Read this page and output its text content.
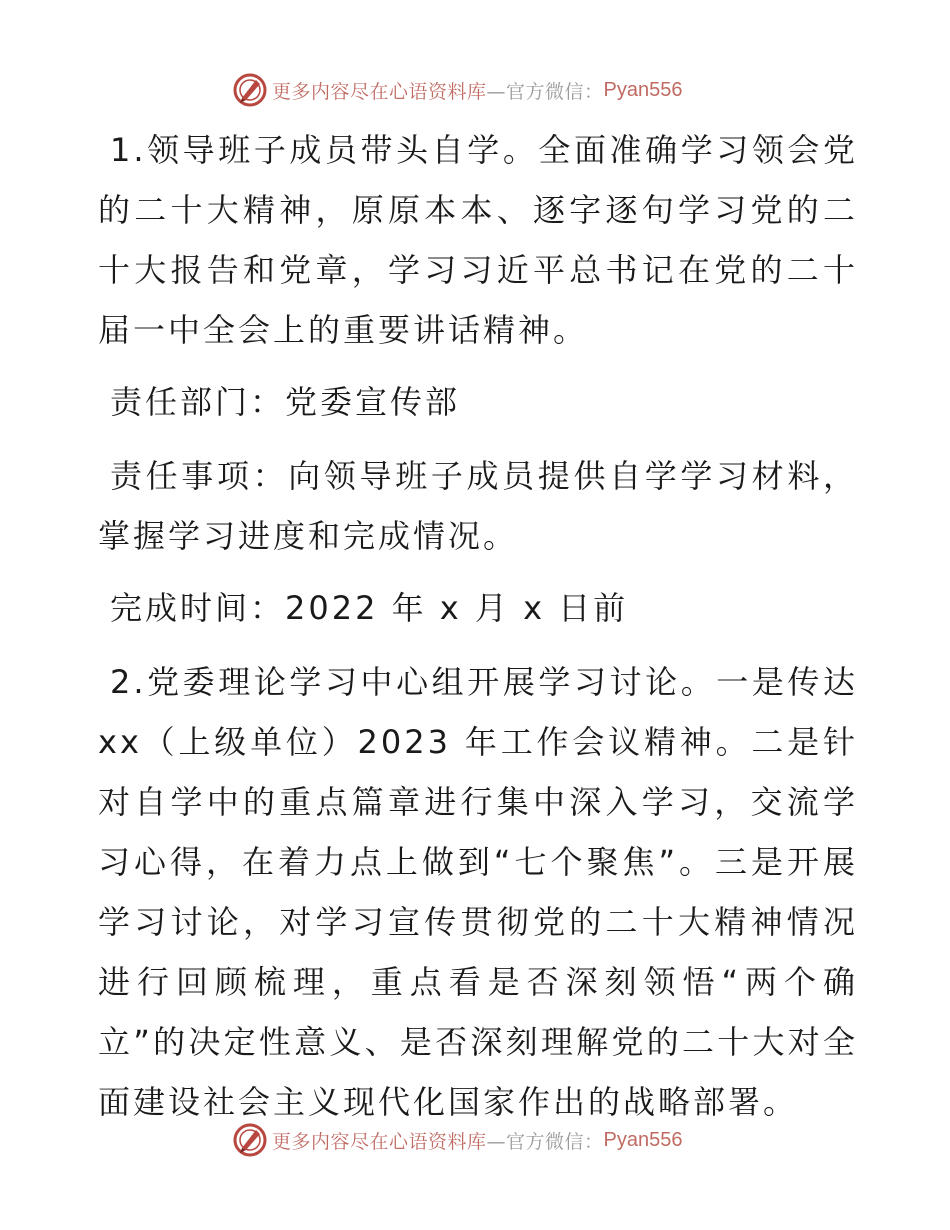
更多内容尽在心语资料库 —官方微信： Pyan556

1.领导班子成员带头自学。全面准确学习领会党的二十大精神，原原本本、逐字逐句学习党的二十大报告和党章，学习习近平总书记在党的二十届一中全会上的重要讲话精神。

责任部门：党委宣传部

责任事项：向领导班子成员提供自学学习材料，掌握学习进度和完成情况。

完成时间：2022 年 x 月 x 日前

2.党委理论学习中心组开展学习讨论。一是传达 xx（上级单位）2023 年工作会议精神。二是针对自学中的重点篇章进行集中深入学习，交流学习心得，在着力点上做到“七个聚焦”。三是开展学习讨论，对学习宣传贯彻党的二十大精神情况进行回顾梳理，重点看是否深刻领悟“两个确立”的决定性意义、是否深刻理解党的二十大对全面建设社会主义现代化国家作出的战略部署。

更多内容尽在心语资料库 —官方微信： Pyan556
